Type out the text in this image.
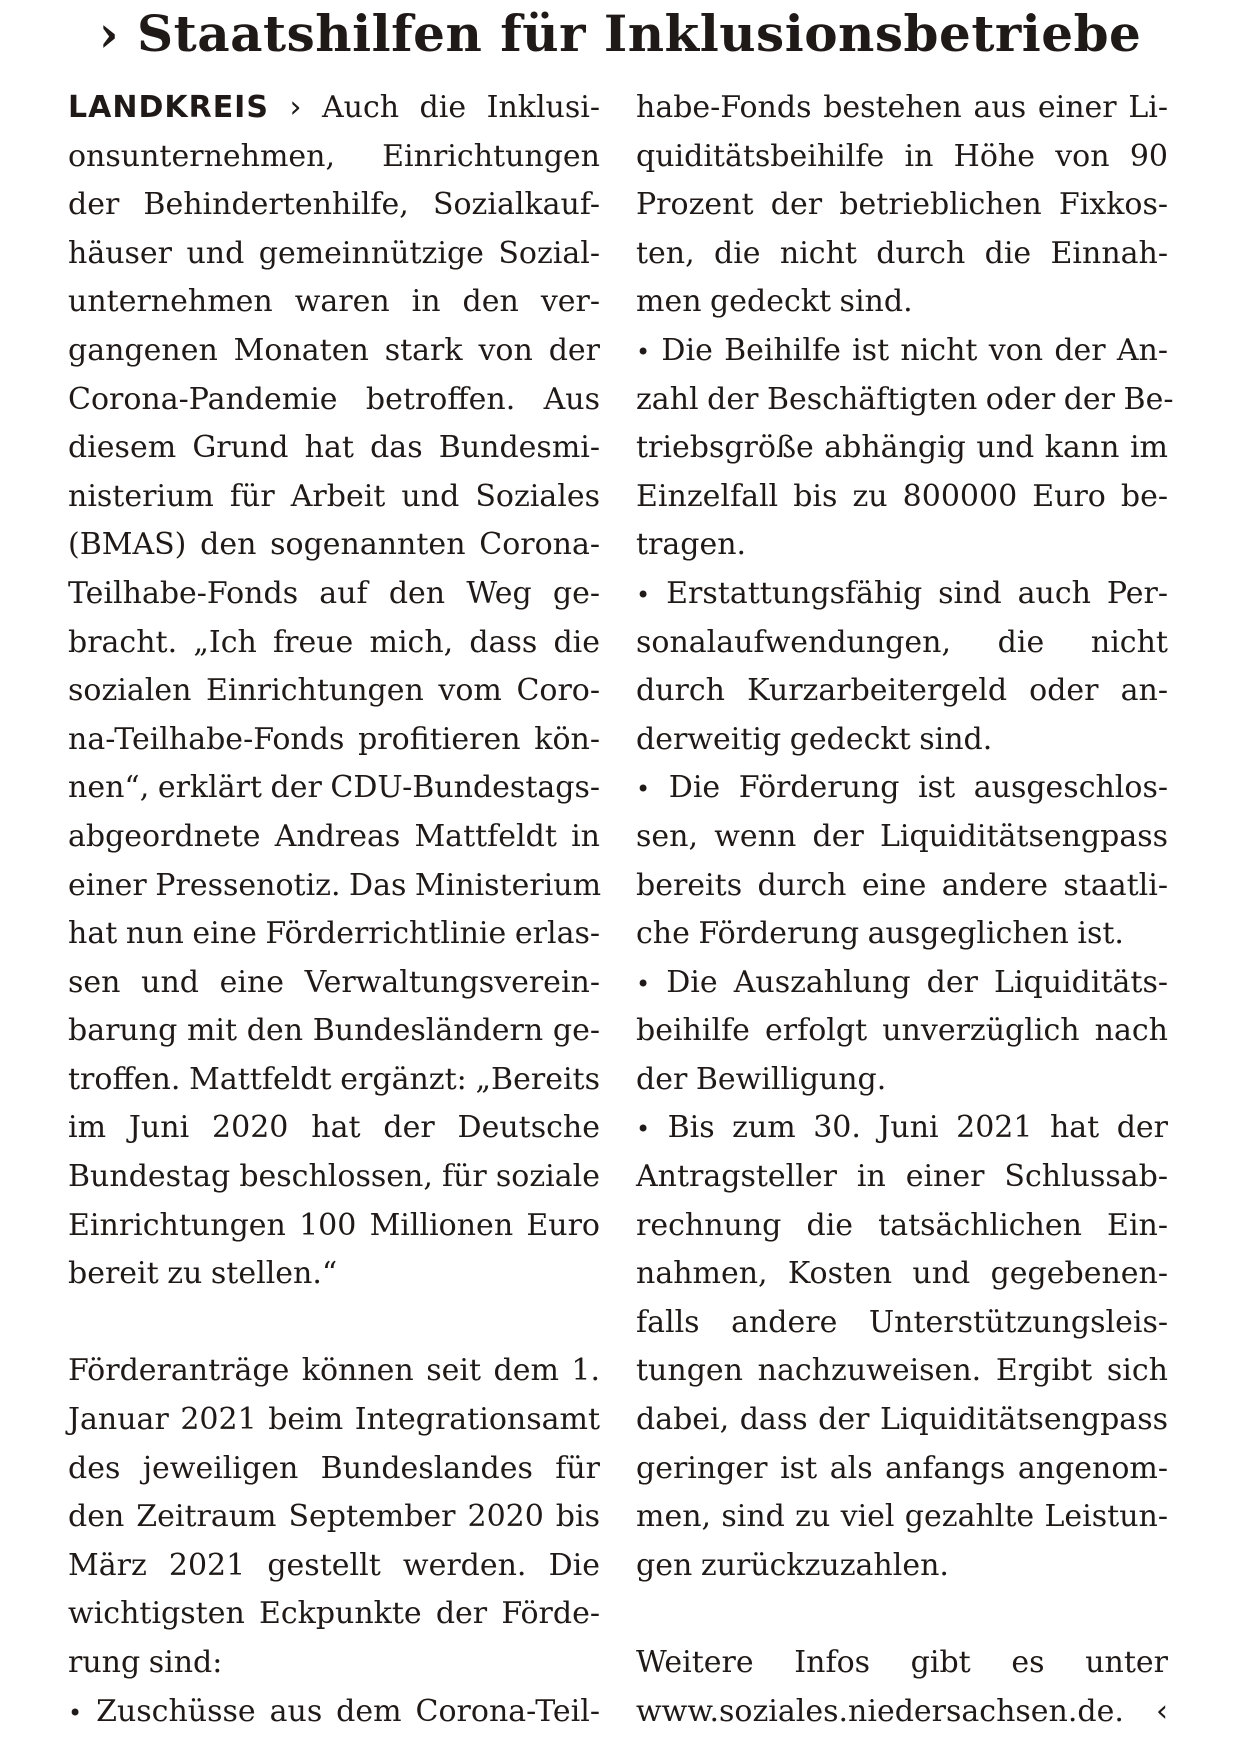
› Staatshilfen für Inklusionsbetriebe
LANDKREIS › Auch die Inklusi-
onsunternehmen, Einrichtungen
der Behindertenhilfe, Sozialkauf-
häuser und gemeinnützige Sozial-
unternehmen waren in den ver-
gangenen Monaten stark von der
Corona-Pandemie betroffen. Aus
diesem Grund hat das Bundesmi-
nisterium für Arbeit und Soziales
(BMAS) den sogenannten Corona-
Teilhabe-Fonds auf den Weg ge-
bracht. „Ich freue mich, dass die
sozialen Einrichtungen vom Coro-
na-Teilhabe-Fonds profitieren kön-
nen“, erklärt der CDU-Bundestags-
abgeordnete Andreas Mattfeldt in
einer Pressenotiz. Das Ministerium
hat nun eine Förderrichtlinie erlas-
sen und eine Verwaltungsverein-
barung mit den Bundesländern ge-
troffen. Mattfeldt ergänzt: „Bereits
im Juni 2020 hat der Deutsche
Bundestag beschlossen, für soziale
Einrichtungen 100 Millionen Euro
bereit zu stellen.“
Förderanträge können seit dem 1.
Januar 2021 beim Integrationsamt
des jeweiligen Bundeslandes für
den Zeitraum September 2020 bis
März 2021 gestellt werden. Die
wichtigsten Eckpunkte der Förde-
rung sind:
• Zuschüsse aus dem Corona-Teil-
habe-Fonds bestehen aus einer Li-
quiditätsbeihilfe in Höhe von 90
Prozent der betrieblichen Fixkos-
ten, die nicht durch die Einnah-
men gedeckt sind.
• Die Beihilfe ist nicht von der An-
zahl der Beschäftigten oder der Be-
triebsgröße abhängig und kann im
Einzelfall bis zu 800000 Euro be-
tragen.
• Erstattungsfähig sind auch Per-
sonalaufwendungen, die nicht
durch Kurzarbeitergeld oder an-
derweitig gedeckt sind.
• Die Förderung ist ausgeschlos-
sen, wenn der Liquiditätsengpass
bereits durch eine andere staatli-
che Förderung ausgeglichen ist.
• Die Auszahlung der Liquiditäts-
beihilfe erfolgt unverzüglich nach
der Bewilligung.
• Bis zum 30. Juni 2021 hat der
Antragsteller in einer Schlussab-
rechnung die tatsächlichen Ein-
nahmen, Kosten und gegebenen-
falls andere Unterstützungsleis-
tungen nachzuweisen. Ergibt sich
dabei, dass der Liquiditätsengpass
geringer ist als anfangs angenom-
men, sind zu viel gezahlte Leistun-
gen zurückzuzahlen.
Weitere Infos gibt es unter
www.soziales.niedersachsen.de. ‹
